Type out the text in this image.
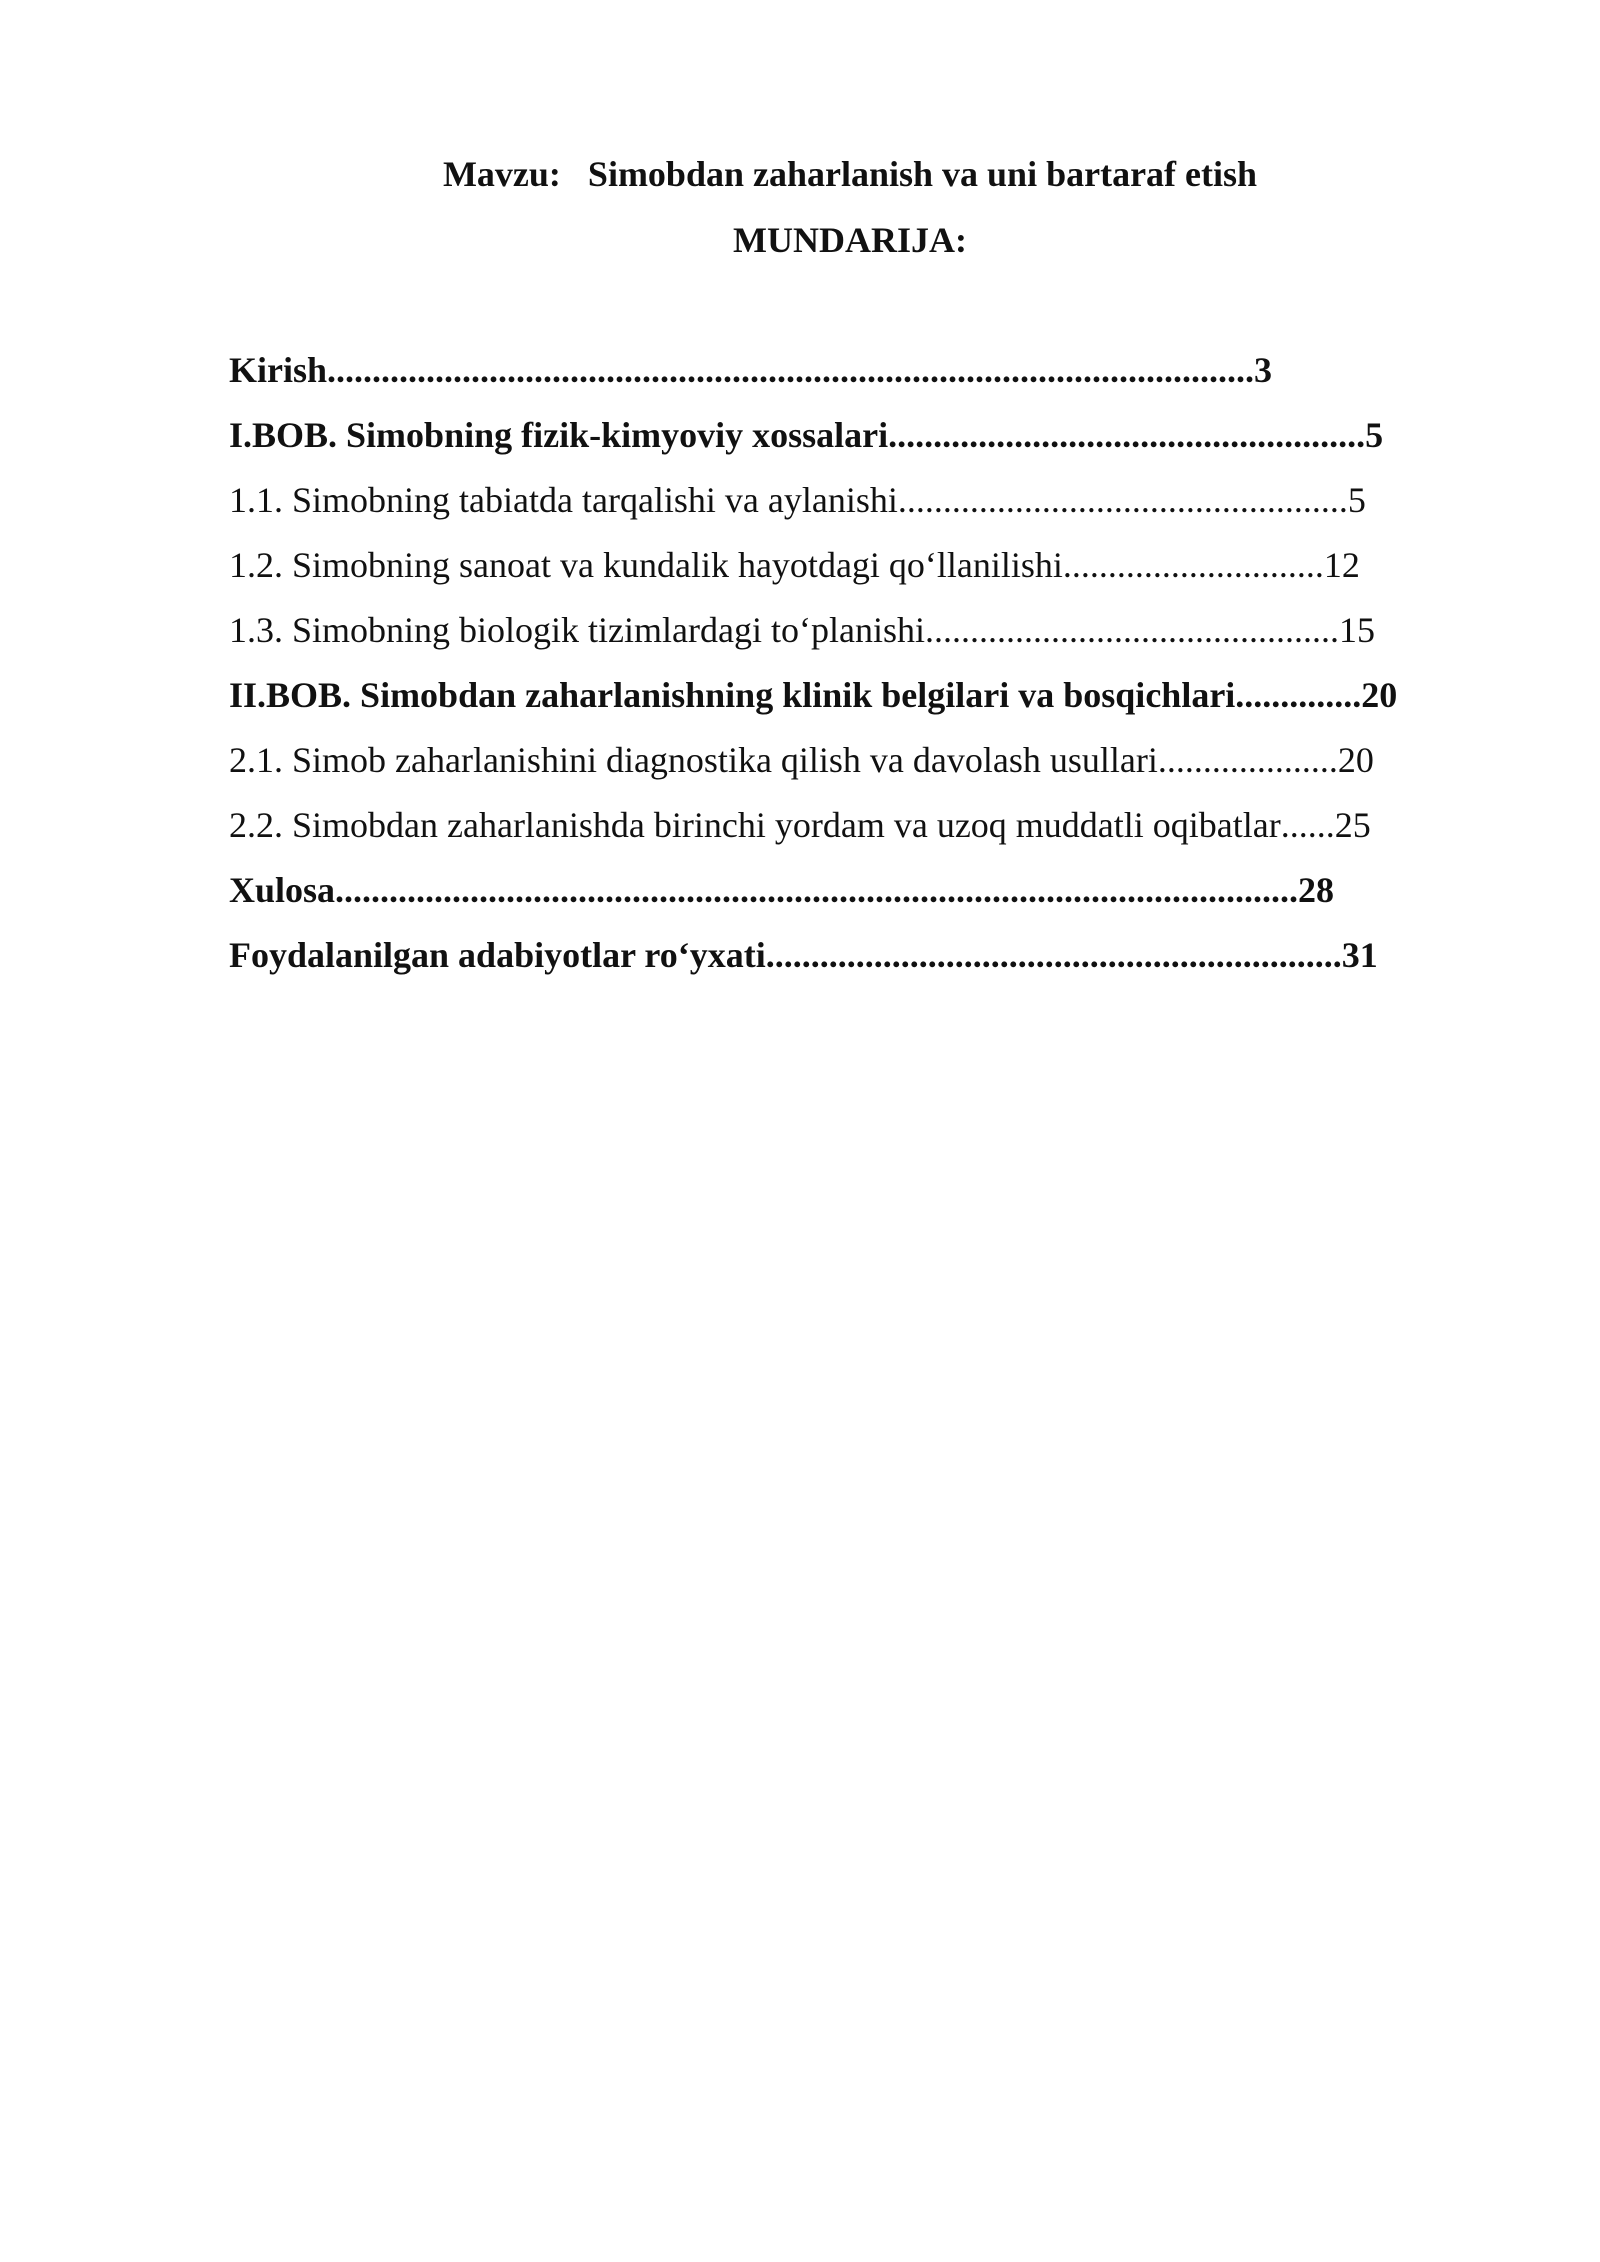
Mavzu:   Simobdan zaharlanish va uni bartaraf etish
MUNDARIJA:
Kirish ...................................................................................................... .3
I.BOB. Simobning fizik-kimyoviy xossalari .................................................... .5
1.1. Simobning tabiatda tarqalishi va aylanishi ................................................. .5
1.2. Simobning sanoat va kundalik hayotdagi qo‘llanilishi ............................ .12
1.3. Simobning biologik tizimlardagi to‘planishi ............................................. .15
II.BOB. Simobdan zaharlanishning klinik belgilari va bosqichlari ............. .20
2.1. Simob zaharlanishini diagnostika qilish va davolash usullari ................... .20
2.2. Simobdan zaharlanishda birinchi yordam va uzoq muddatli oqibatlar ..... .25
Xulosa .......................................................................................................... .28
Foydalanilgan adabiyotlar ro‘yxati ............................................................... .31
